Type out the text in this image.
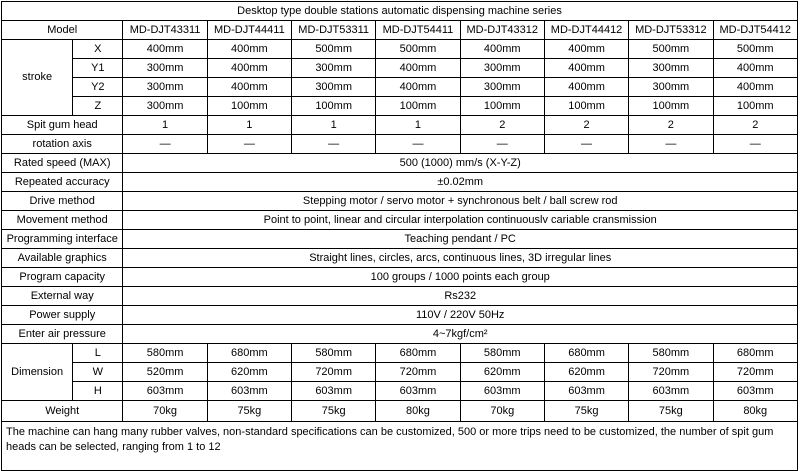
Desktop type double stations automatic dispensing machine series									
Model		MD-DJT43311	MD-DJT44411	MD-DJT53311	MD-DJT54411	MD-DJT43312	MD-DJT44412	MD-DJT53312	MD-DJT54412
stroke	X	400mm	400mm	500mm	500mm	400mm	400mm	500mm	500mm
	Y1	300mm	400mm	300mm	400mm	300mm	400mm	300mm	400mm
	Y2	300mm	400mm	300mm	400mm	300mm	400mm	300mm	400mm
	Z	300mm	100mm	100mm	100mm	100mm	100mm	100mm	100mm
Spit gum head		1	1	1	1	2	2	2	2
rotation axis		—	—	—	—	—	—	—	—
Rated speed (MAX)		500 (1000) mm/s (X-Y-Z)							
Repeated accuracy		±0.02mm							
Drive method		Stepping motor / servo motor + synchronous belt / ball screw rod							
Movement method		Point to point, linear and circular interpolation continuouslv cariable cransmission							
Programming interface		Teaching pendant / PC							
Available graphics		Straight lines, circles, arcs, continuous lines, 3D irregular lines							
Program capacity		100 groups / 1000 points each group							
External way		Rs232							
Power supply		110V / 220V 50Hz							
Enter air pressure		4~7kgf/cm²							
Dimension	L	580mm	680mm	580mm	680mm	580mm	680mm	580mm	680mm
	W	520mm	620mm	720mm	720mm	620mm	620mm	720mm	720mm
	H	603mm	603mm	603mm	603mm	603mm	603mm	603mm	603mm
Weight		70kg	75kg	75kg	80kg	70kg	75kg	75kg	80kg
The machine can hang many rubber valves, non-standard specifications can be customized, 500 or more trips need to be customized, the number of spit gum heads can be selected, ranging from 1 to 12									
